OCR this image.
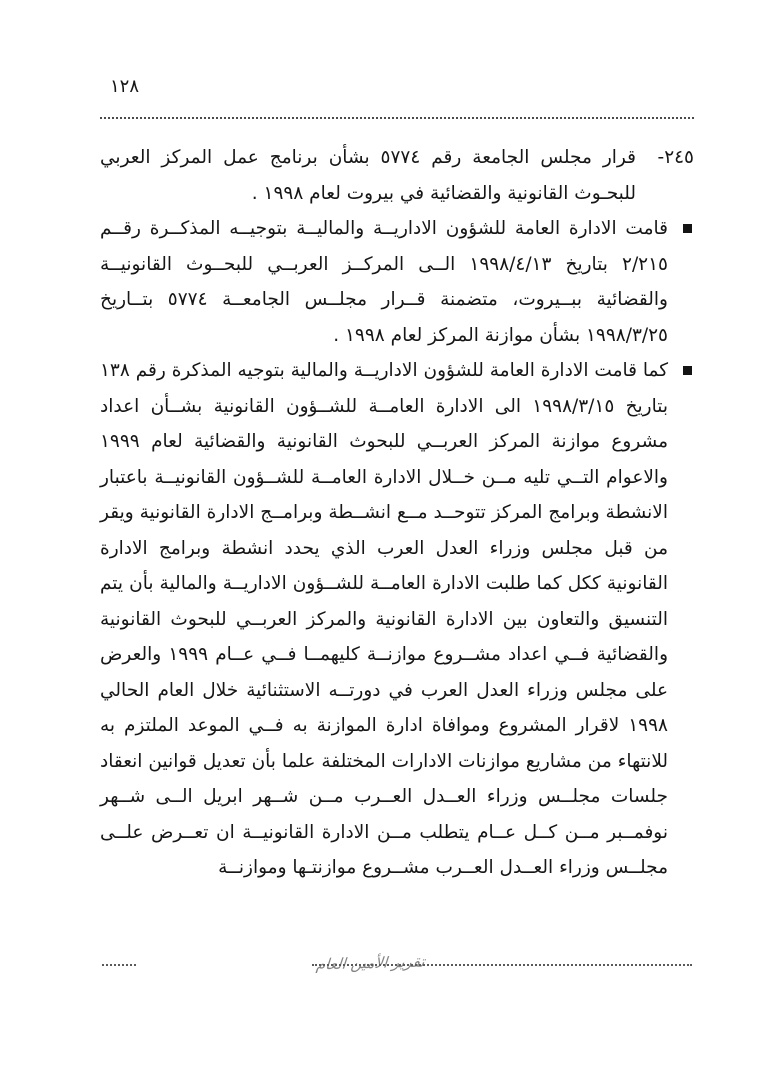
١٢٨
٢٤٥-
قرار مجلس الجامعة رقم ٥٧٧٤ بشأن برنامج عمل المركز العربي للبحـوث القانونية والقضائية في بيروت لعام ١٩٩٨ .
قامت الادارة العامة للشؤون الاداريــة والماليــة بتوجيــه المذكــرة رقــم ٢/٢١٥ بتاريخ ١٩٩٨/٤/١٣ الــى المركــز العربــي للبحــوث القانونيــة والقضائية ببــيروت، متضمنة قــرار مجلــس الجامعــة ٥٧٧٤ بتــاريخ ١٩٩٨/٣/٢٥ بشأن موازنة المركز لعام ١٩٩٨ .
كما قامت الادارة العامة للشؤون الاداريــة والمالية بتوجيه المذكرة رقم ١٣٨ بتاريخ ١٩٩٨/٣/١٥ الى الادارة العامــة للشــؤون القانونية بشــأن اعداد مشروع موازنة المركز العربــي للبحوث القانونية والقضائية لعام ١٩٩٩ والاعوام التــي تليه مــن خــلال الادارة العامــة للشــؤون القانونيــة باعتبار الانشطة وبرامج المركز تتوحــد مــع انشــطة وبرامــج الادارة القانونية ويقر من قبل مجلس وزراء العدل العرب الذي يحدد انشطة وبرامج الادارة القانونية ككل كما طلبت الادارة العامــة للشــؤون الاداريــة والمالية بأن يتم التنسيق والتعاون بين الادارة القانونية والمركز العربــي للبحوث القانونية والقضائية فــي اعداد مشــروع موازنــة كليهمــا فــي عــام ١٩٩٩ والعرض على مجلس وزراء العدل العرب في دورتــه الاستثنائية خلال العام الحالي ١٩٩٨ لاقرار المشروع وموافاة ادارة الموازنة به فــي الموعد الملتزم به للانتهاء من مشاريع موازنات الادارات المختلفة علما بأن تعديل قوانين انعقاد جلسات مجلــس وزراء العــدل العــرب مــن شــهر ابريل الــى شــهر نوفمــبر مــن كــل عــام يتطلب مــن الادارة القانونيــة ان تعــرض علــى مجلــس وزراء العــدل العــرب مشــروع موازنتـها وموازنــة
تقرير الأمين العام
